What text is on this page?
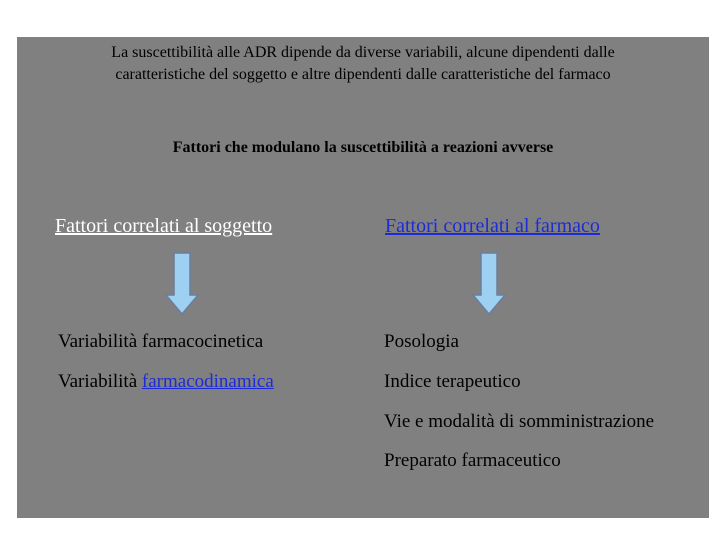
La suscettibilità alle ADR dipende da diverse variabili, alcune dipendenti dalle
caratteristiche del soggetto e altre dipendenti dalle caratteristiche del farmaco
Fattori che modulano la suscettibilità a reazioni avverse
Fattori correlati al soggetto	Fattori correlati al farmaco
Variabilità farmacocinetica
Variabilità farmacodinamica
Posologia
Indice terapeutico
Vie e modalità di somministrazione
Preparato farmaceutico
